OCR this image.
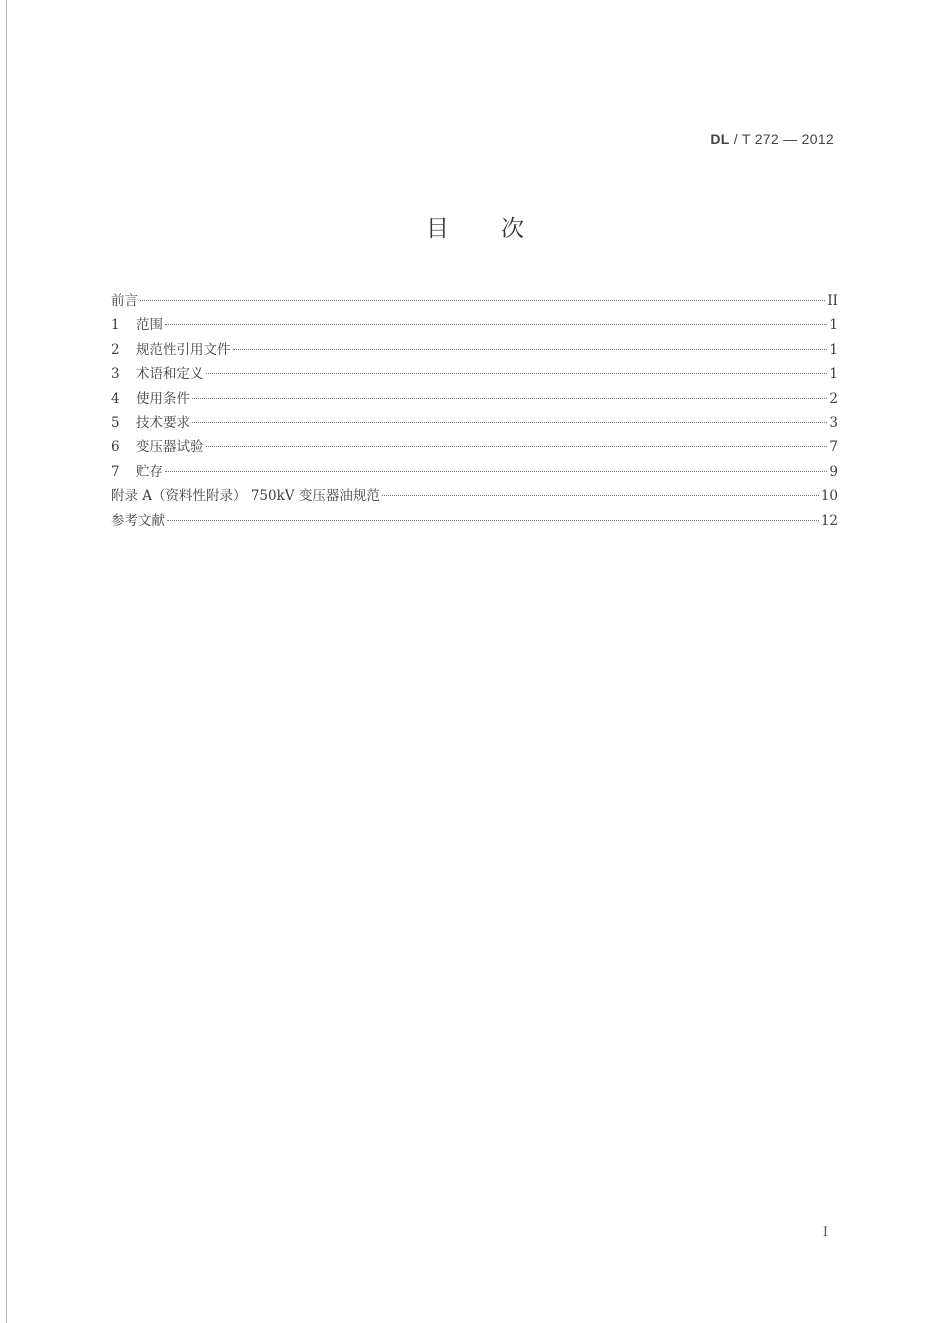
DL / T 272 — 2012
目次
前言	II
1	范围	1
2	规范性引用文件	1
3	术语和定义	1
4	使用条件	2
5	技术要求	3
6	变压器试验	7
7	贮存	9
附录 A（资料性附录） 750kV 变压器油规范	10
参考文献	12
I
